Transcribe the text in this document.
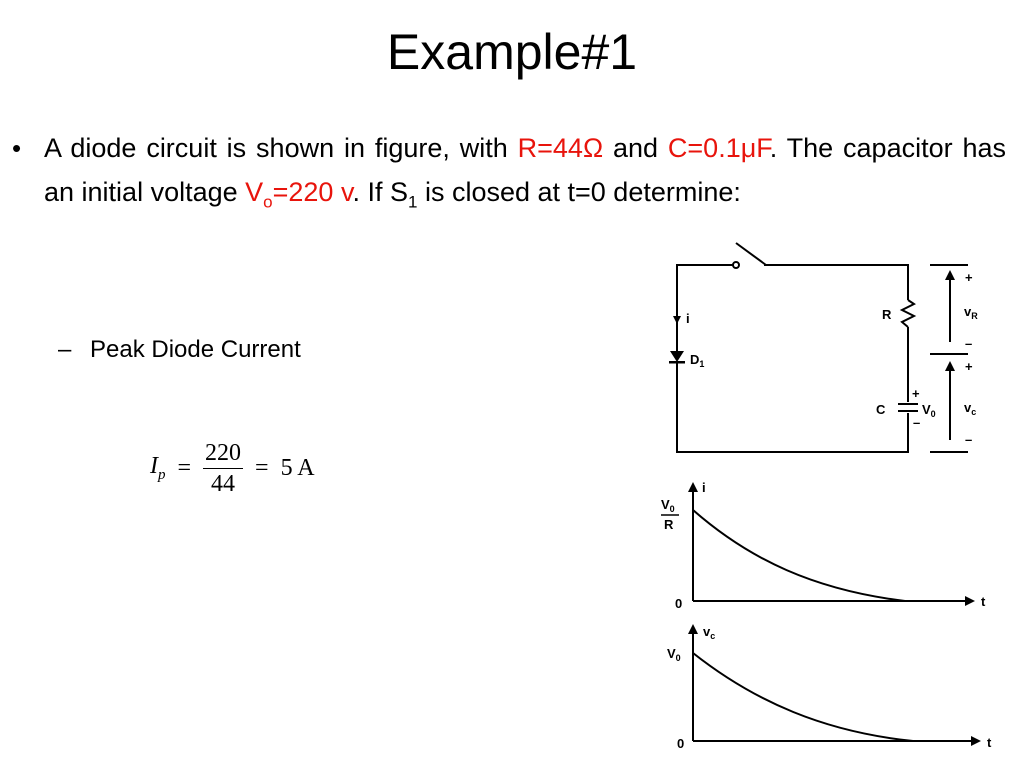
Example#1
• A diode circuit is shown in figure, with R=44Ω and C=0.1μF. The capacitor has an initial voltage $V_o=220$ v. If $S_1$ is closed at t=0 determine:
– Peak Diode Current
$I_p = \frac{220}{44} = 5$ A
i
$D_1$
R
C
+
–
$V_0$
+
$v_R$
–
+
$v_c$
–
i
$V_0$
R
0	t
$v_c$
$V_0$
0	t
